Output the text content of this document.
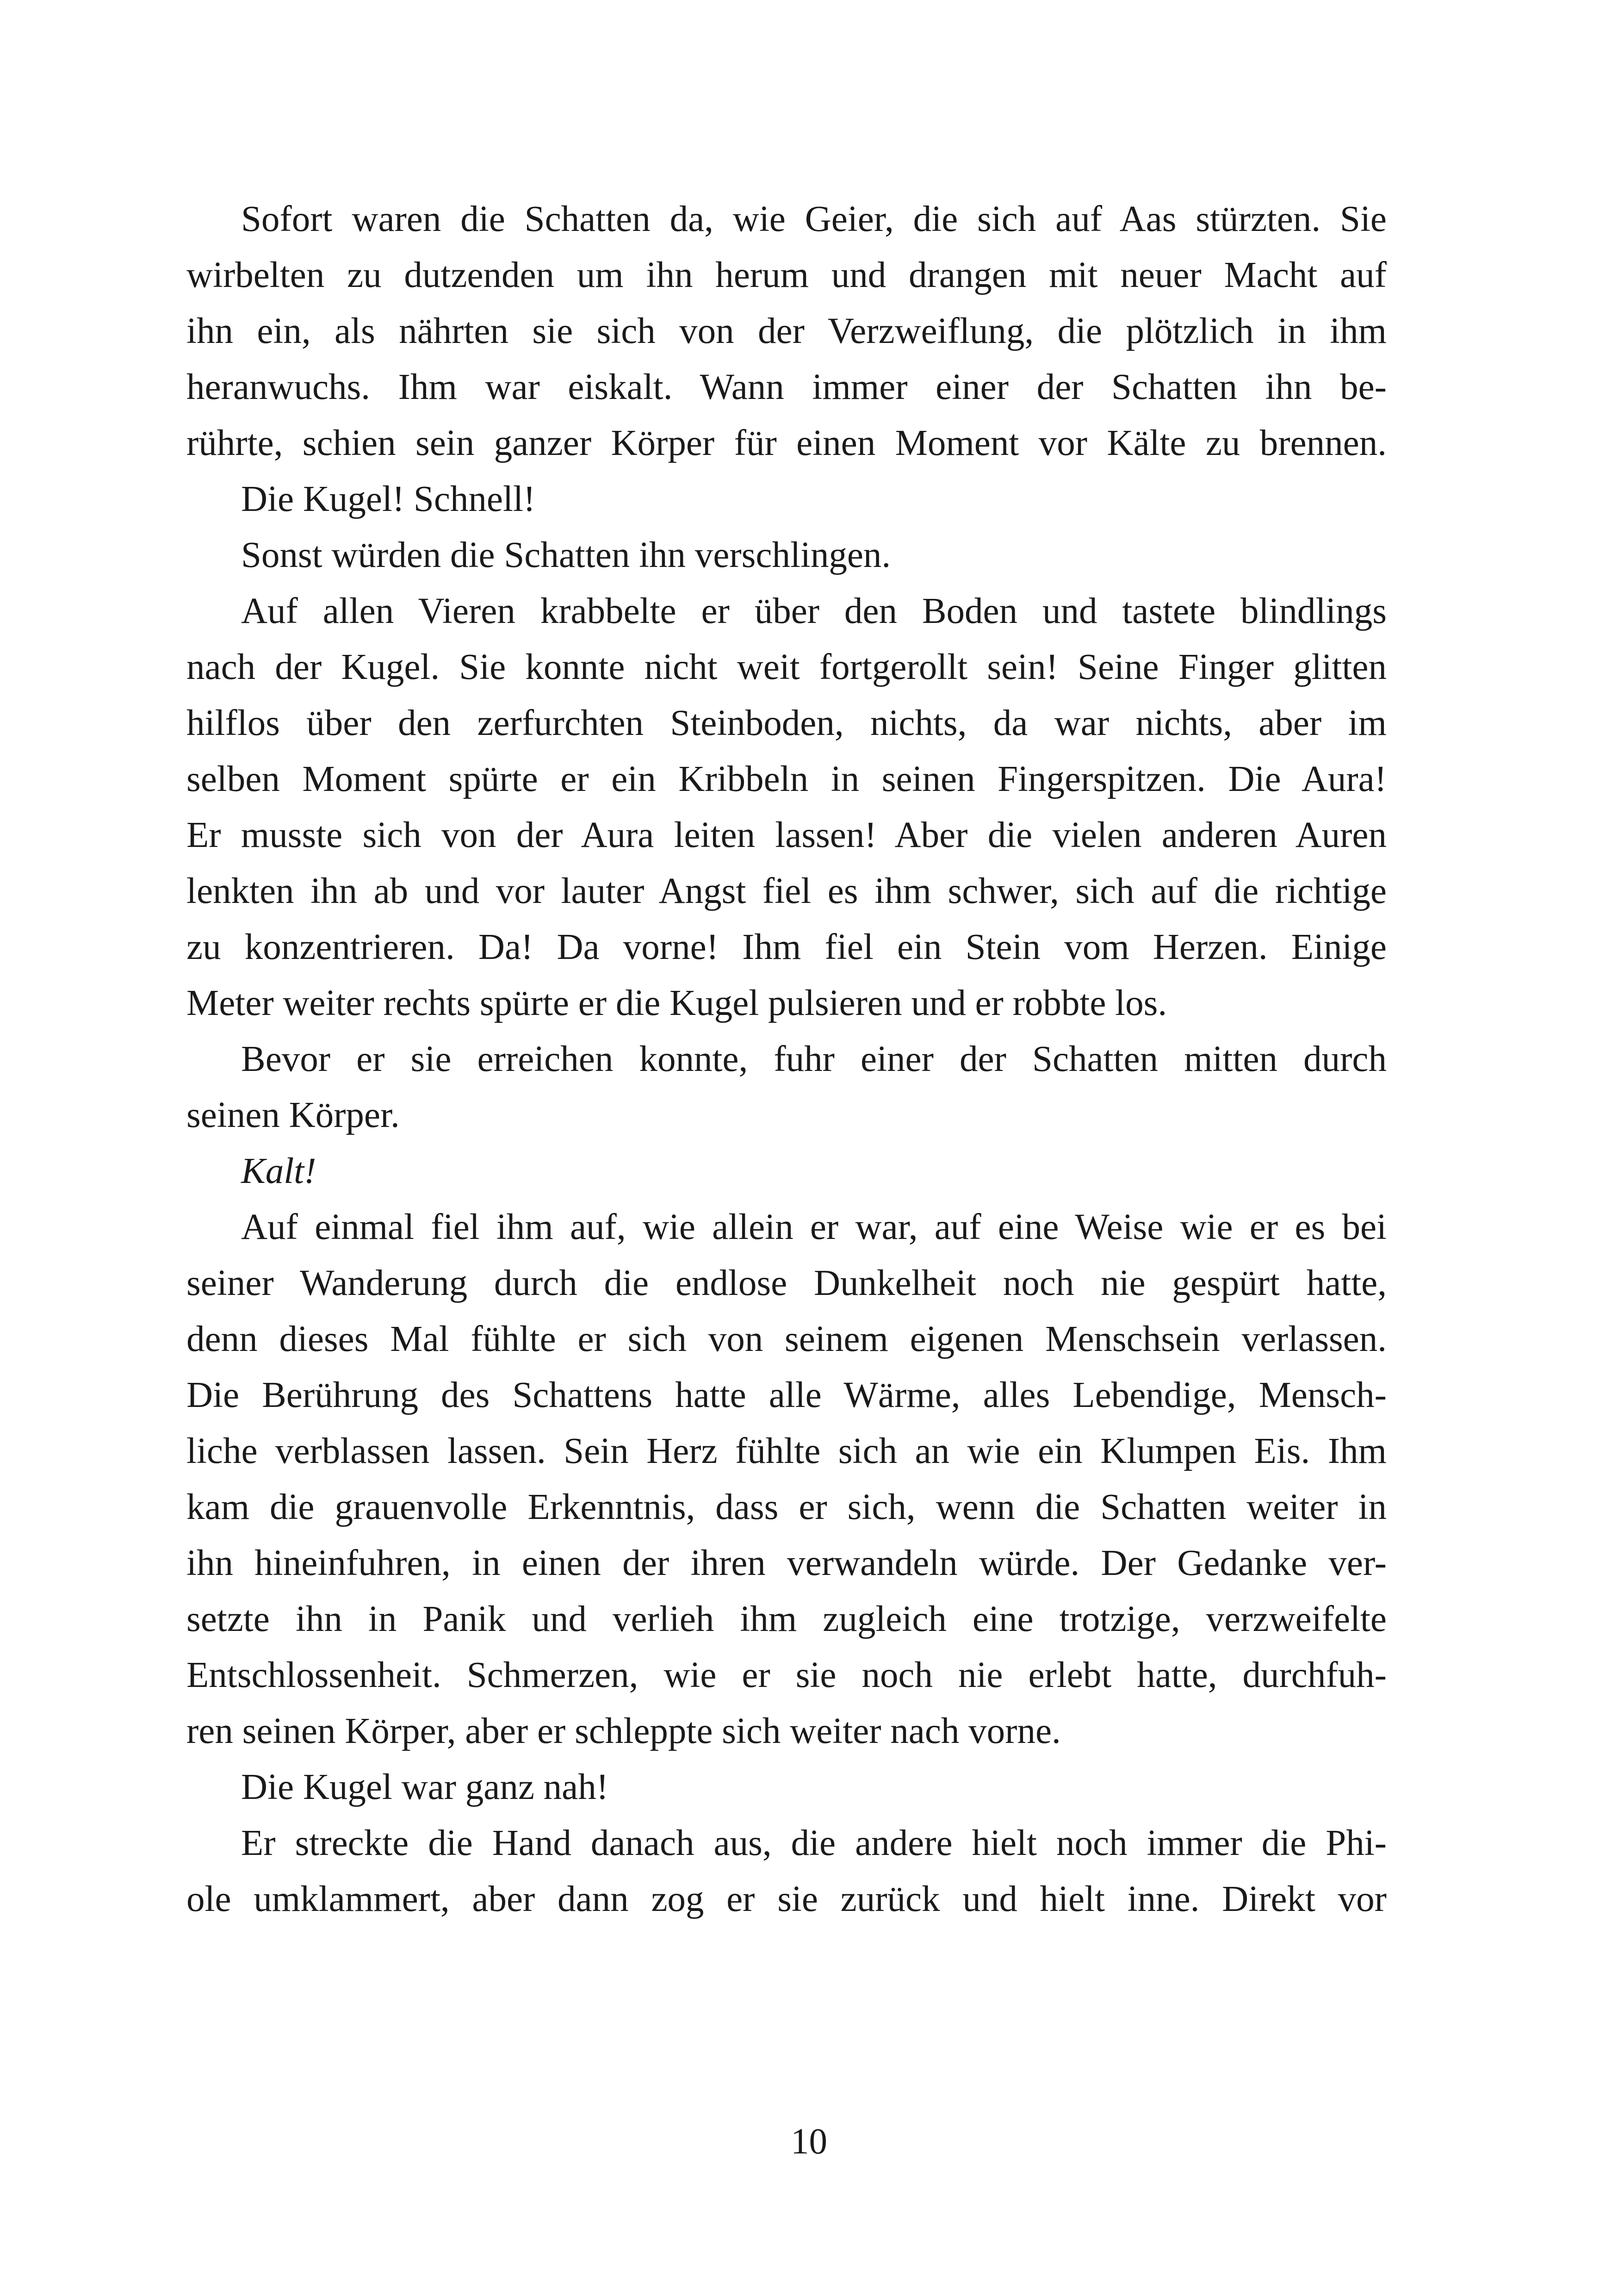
Sofort waren die Schatten da, wie Geier, die sich auf Aas stürzten. Sie
wirbelten zu dutzenden um ihn herum und drangen mit neuer Macht auf
ihn ein, als nährten sie sich von der Verzweiflung, die plötzlich in ihm
heranwuchs. Ihm war eiskalt. Wann immer einer der Schatten ihn be-
rührte, schien sein ganzer Körper für einen Moment vor Kälte zu brennen.
Die Kugel! Schnell!
Sonst würden die Schatten ihn verschlingen.
Auf allen Vieren krabbelte er über den Boden und tastete blindlings
nach der Kugel. Sie konnte nicht weit fortgerollt sein! Seine Finger glitten
hilflos über den zerfurchten Steinboden, nichts, da war nichts, aber im
selben Moment spürte er ein Kribbeln in seinen Fingerspitzen. Die Aura!
Er musste sich von der Aura leiten lassen! Aber die vielen anderen Auren
lenkten ihn ab und vor lauter Angst fiel es ihm schwer, sich auf die richtige
zu konzentrieren. Da! Da vorne! Ihm fiel ein Stein vom Herzen. Einige
Meter weiter rechts spürte er die Kugel pulsieren und er robbte los.
Bevor er sie erreichen konnte, fuhr einer der Schatten mitten durch
seinen Körper.
Kalt!
Auf einmal fiel ihm auf, wie allein er war, auf eine Weise wie er es bei
seiner Wanderung durch die endlose Dunkelheit noch nie gespürt hatte,
denn dieses Mal fühlte er sich von seinem eigenen Menschsein verlassen.
Die Berührung des Schattens hatte alle Wärme, alles Lebendige, Mensch-
liche verblassen lassen. Sein Herz fühlte sich an wie ein Klumpen Eis. Ihm
kam die grauenvolle Erkenntnis, dass er sich, wenn die Schatten weiter in
ihn hineinfuhren, in einen der ihren verwandeln würde. Der Gedanke ver-
setzte ihn in Panik und verlieh ihm zugleich eine trotzige, verzweifelte
Entschlossenheit. Schmerzen, wie er sie noch nie erlebt hatte, durchfuh-
ren seinen Körper, aber er schleppte sich weiter nach vorne.
Die Kugel war ganz nah!
Er streckte die Hand danach aus, die andere hielt noch immer die Phi-
ole umklammert, aber dann zog er sie zurück und hielt inne. Direkt vor
10
